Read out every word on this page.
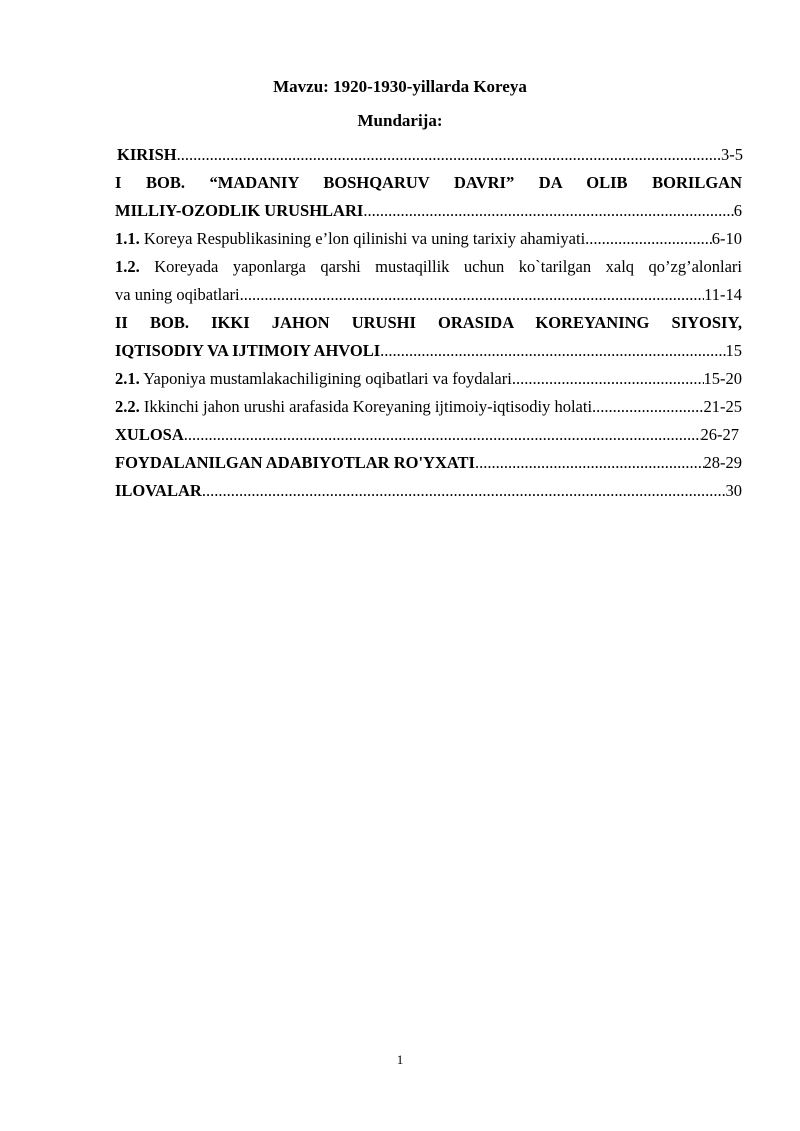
Mavzu: 1920-1930-yillarda Koreya
Mundarija:
KIRISH .....	3-5
I BOB. “MADANIY BOSHQARUV DAVRI” DA OLIB BORILGAN
MILLIY-OZODLIK URUSHLARI .....	6
1.1. Koreya Respublikasining e’lon qilinishi va uning tarixiy ahamiyati .....	6-10
1.2. Koreyada yaponlarga qarshi mustaqillik uchun ko`tarilgan xalq qo’zg’alonlari
va uning oqibatlari .....	11-14
II BOB. IKKI JAHON URUSHI ORASIDA KOREYANING SIYOSIY,
IQTISODIY VA IJTIMOIY AHVOLI .....	15
2.1. Yaponiya mustamlakachiligining oqibatlari va foydalari .....	15-20
2.2. Ikkinchi jahon urushi arafasida Koreyaning ijtimoiy-iqtisodiy holati .....	21-25
XULOSA .....	26-27
FOYDALANILGAN ADABIYOTLAR RO'YXATI .....	28-29
ILOVALAR .....	30
1
